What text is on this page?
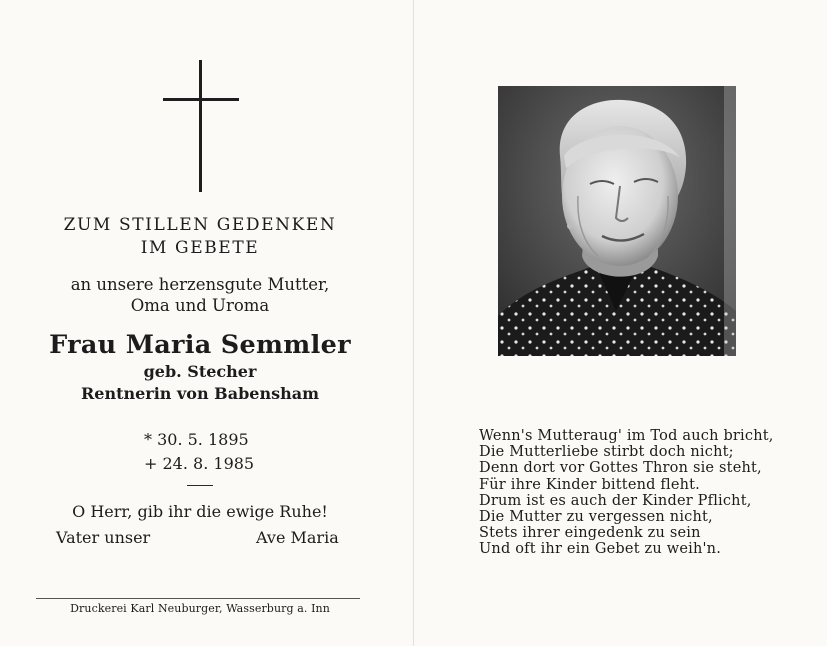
ZUM STILLEN GEDENKEN
IM GEBETE
an unsere herzensgute Mutter,
Oma und Uroma
Frau Maria Semmler
geb. Stecher
Rentnerin von Babensham
* 30. 5. 1895
+ 24. 8. 1985
O Herr, gib ihr die ewige Ruhe!
Vater unser	Ave Maria
Druckerei Karl Neuburger, Wasserburg a. Inn
Wenn's Mutteraug' im Tod auch bricht,
Die Mutterliebe stirbt doch nicht;
Denn dort vor Gottes Thron sie steht,
Für ihre Kinder bittend fleht.
Drum ist es auch der Kinder Pflicht,
Die Mutter zu vergessen nicht,
Stets ihrer eingedenk zu sein
Und oft ihr ein Gebet zu weih'n.
